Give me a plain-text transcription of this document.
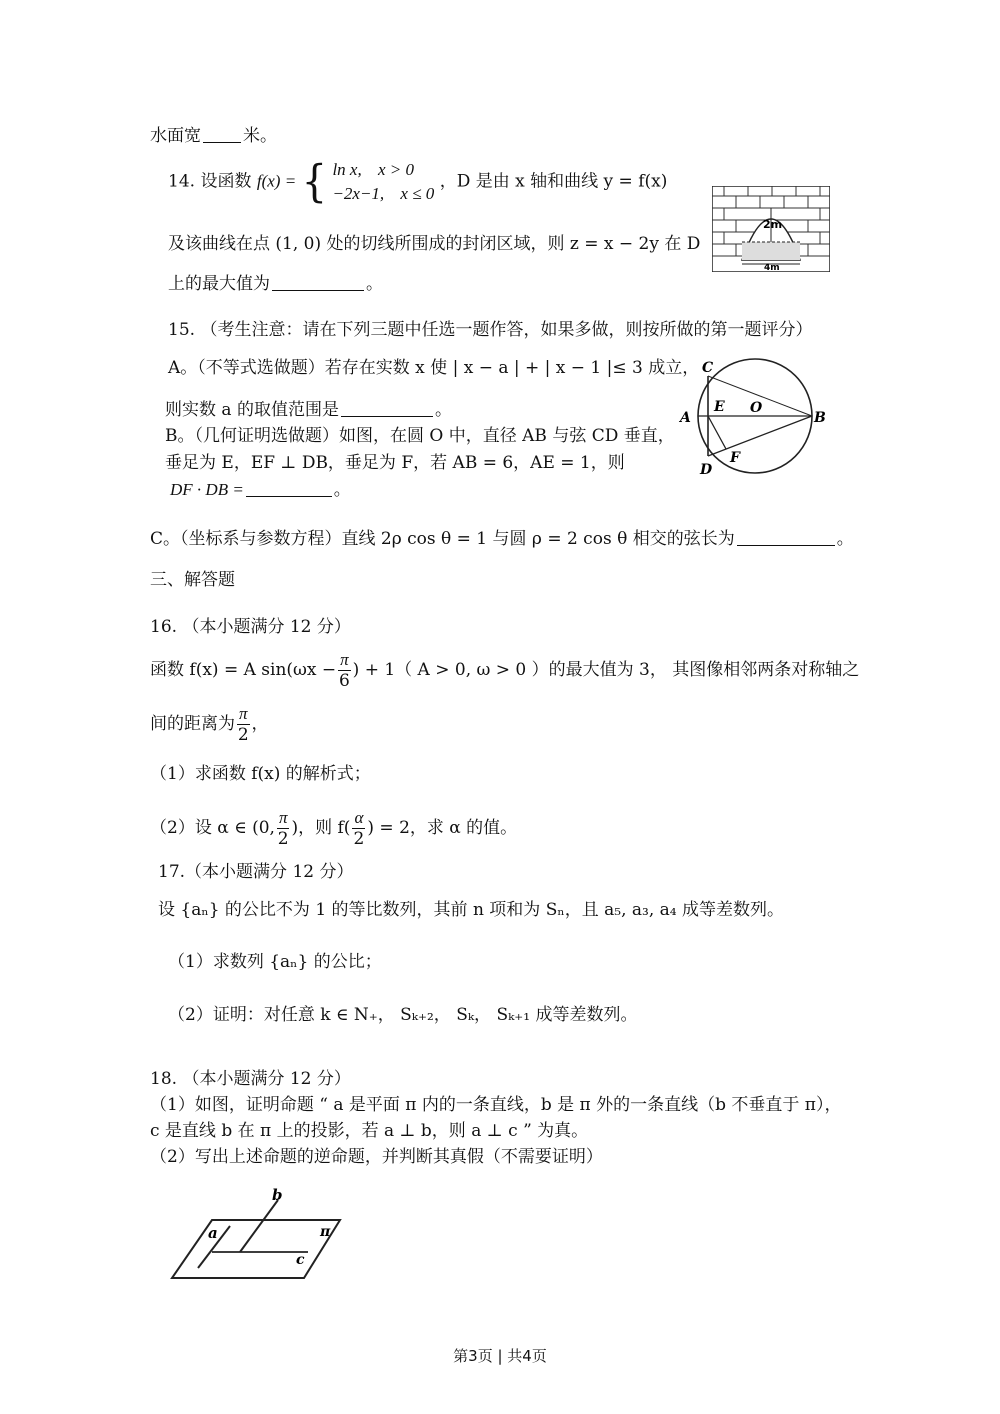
水面宽 米。
14. 设函数 f(x) = { ln x, x > 0
−2x−1, x ≤ 0
，D 是由 x 轴和曲线 y = f(x)
及该曲线在点 (1, 0) 处的切线所围成的封闭区域，则 z = x − 2y 在 D
上的最大值为	。
2m
4m
15. （考生注意：请在下列三题中任选一题作答，如果多做，则按所做的第一题评分）
A。（不等式选做题）若存在实数 x 使 | x − a | + | x − 1 |≤ 3 成立，
则实数 a 的取值范围是	。
B。（几何证明选做题）如图，在圆 O 中，直径 AB 与弦 CD 垂直，
垂足为 E，EF ⊥ DB，垂足为 F，若 AB = 6，AE = 1，则
DF · DB =	。
C
A
E O
B
D
F
C。（坐标系与参数方程）直线 2ρ cos θ = 1 与圆 ρ = 2 cos θ 相交的弦长为	。
三、解答题
16. （本小题满分 12 分）
函数 f(x) = A $\sin(\omega x - \frac{\pi}{6}$ ) + 1（ A > 0, ω > 0 ）的最大值为 3， 其图像相邻两条对称轴之
间的距离为 $\frac{\pi}{2}$ ，
（1）求函数 f(x) 的解析式；
（2）设 α ∈ (0, $\frac{\pi}{2}$ )，则 $f( \frac{\alpha}{2}$ ) = 2，求 α 的值。
17.（本小题满分 12 分）
设 {aₙ} 的公比不为 1 的等比数列，其前 n 项和为 Sₙ，且 a₅, a₃, a₄ 成等差数列。
（1）求数列 {aₙ} 的公比；
（2）证明：对任意 k ∈ N₊， Sₖ₊₂， Sₖ， Sₖ₊₁ 成等差数列。
18. （本小题满分 12 分）
（1）如图，证明命题 “ a 是平面 π 内的一条直线，b 是 π 外的一条直线（b 不垂直于 π），
c 是直线 b 在 π 上的投影，若 a ⊥ b，则 a ⊥ c ” 为真。
（2）写出上述命题的逆命题，并判断其真假（不需要证明）
b
a	π
c
第3页 | 共4页
